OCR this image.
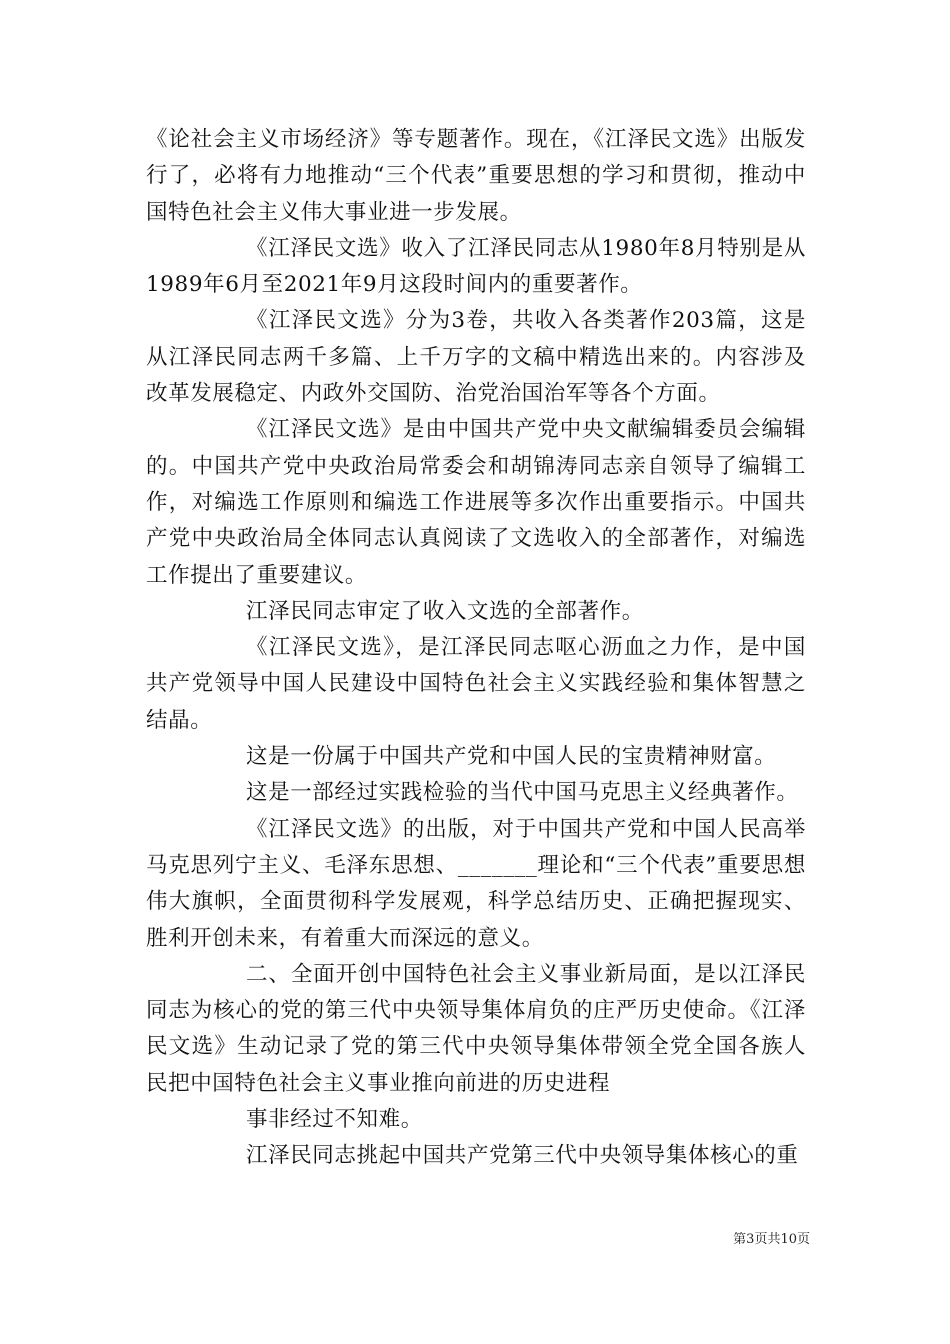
《论社会主义市场经济》等专题著作。现在，《江泽民文选》出版发行了，必将有力地推动“三个代表”重要思想的学习和贯彻，推动中国特色社会主义伟大事业进一步发展。

《江泽民文选》收入了江泽民同志从1980年8月特别是从1989年6月至2021年9月这段时间内的重要著作。

《江泽民文选》分为3卷，共收入各类著作203篇，这是从江泽民同志两千多篇、上千万字的文稿中精选出来的。内容涉及改革发展稳定、内政外交国防、治党治国治军等各个方面。

《江泽民文选》是由中国共产党中央文献编辑委员会编辑的。中国共产党中央政治局常委会和胡锦涛同志亲自领导了编辑工作，对编选工作原则和编选工作进展等多次作出重要指示。中国共产党中央政治局全体同志认真阅读了文选收入的全部著作，对编选工作提出了重要建议。

江泽民同志审定了收入文选的全部著作。

《江泽民文选》，是江泽民同志呕心沥血之力作，是中国共产党领导中国人民建设中国特色社会主义实践经验和集体智慧之结晶。

这是一份属于中国共产党和中国人民的宝贵精神财富。

这是一部经过实践检验的当代中国马克思主义经典著作。

《江泽民文选》的出版，对于中国共产党和中国人民高举马克思列宁主义、毛泽东思想、_______理论和“三个代表”重要思想伟大旗帜，全面贯彻科学发展观，科学总结历史、正确把握现实、胜利开创未来，有着重大而深远的意义。

二、全面开创中国特色社会主义事业新局面，是以江泽民同志为核心的党的第三代中央领导集体肩负的庄严历史使命。《江泽民文选》生动记录了党的第三代中央领导集体带领全党全国各族人民把中国特色社会主义事业推向前进的历史进程

事非经过不知难。

江泽民同志挑起中国共产党第三代中央领导集体核心的重

第3页共10页
